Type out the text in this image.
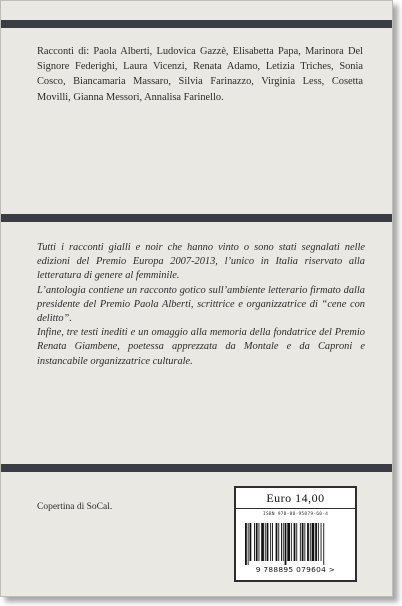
Racconti di: Paola Alberti, Ludovica Gazzè, Elisabetta Papa, Marinora Del Signore Federighi, Laura Vicenzi, Renata Adamo, Letizia Triches, Sonia Cosco, Biancamaria Massaro, Silvia Farinazzo, Virginia Less, Cosetta Movilli, Gianna Messori, Annalisa Farinello.

Tutti i racconti gialli e noir che hanno vinto o sono stati segnalati nelle edizioni del Premio Europa 2007-2013, l’unico in Italia riservato alla letteratura di genere al femminile.

L’antologia contiene un racconto gotico sull’ambiente letterario firmato dalla presidente del Premio Paola Alberti, scrittrice e organizzatrice di “cene con delitto”.

Infine, tre testi inediti e un omaggio alla memoria della fondatrice del Premio Renata Giambene, poetessa apprezzata da Montale e da Caproni e instancabile organizzatrice culturale.

Copertina di SoCal.
Euro 14,00
ISBN 978-88-95079-60-4
9 788895 079604 >
